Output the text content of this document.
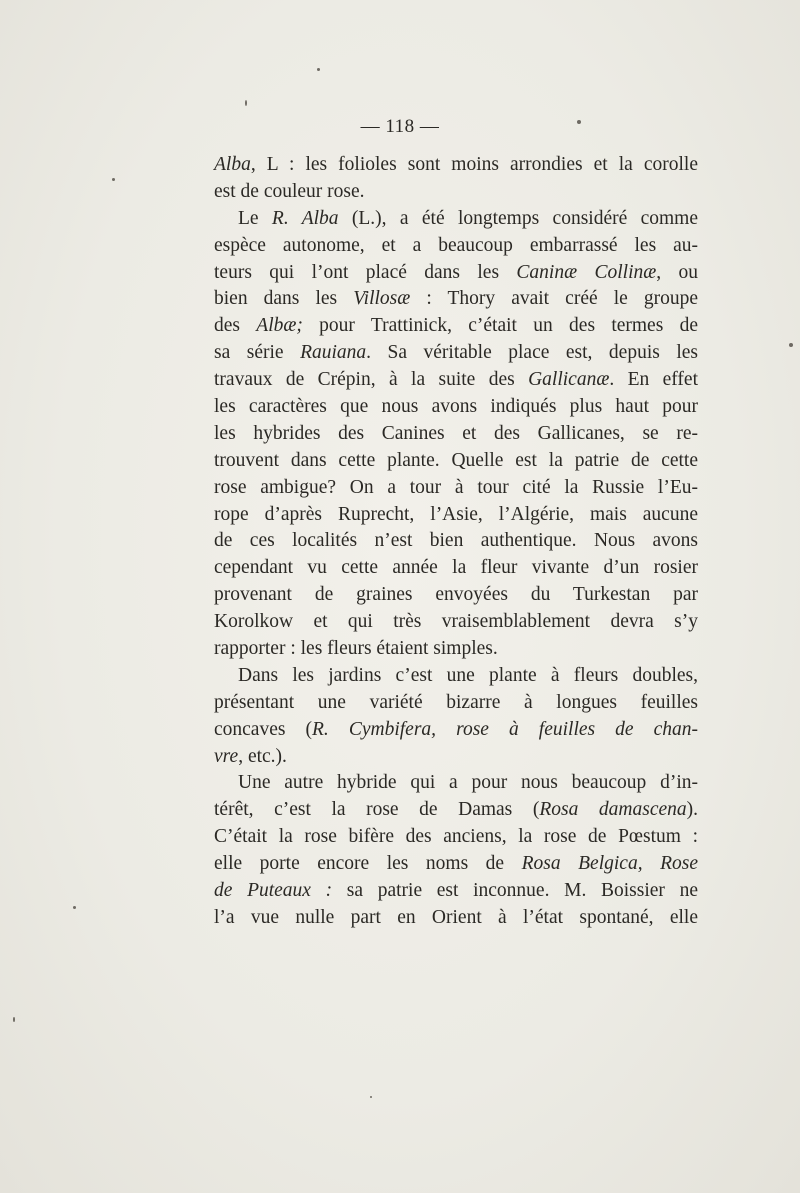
— 118 —
Alba, L : les folioles sont moins arrondies et la corolle
est de couleur rose.
Le R. Alba (L.), a été longtemps considéré comme
espèce autonome, et a beaucoup embarrassé les au-
teurs qui l’ont placé dans les Caninæ Collinæ, ou
bien dans les Villosæ : Thory avait créé le groupe
des Albæ; pour Trattinick, c’était un des termes de
sa série Rauiana. Sa véritable place est, depuis les
travaux de Crépin, à la suite des Gallicanæ. En effet
les caractères que nous avons indiqués plus haut pour
les hybrides des Canines et des Gallicanes, se re-
trouvent dans cette plante. Quelle est la patrie de cette
rose ambigue? On a tour à tour cité la Russie l’Eu-
rope d’après Ruprecht, l’Asie, l’Algérie, mais aucune
de ces localités n’est bien authentique. Nous avons
cependant vu cette année la fleur vivante d’un rosier
provenant de graines envoyées du Turkestan par
Korolkow et qui très vraisemblablement devra s’y
rapporter : les fleurs étaient simples.
Dans les jardins c’est une plante à fleurs doubles,
présentant une variété bizarre à longues feuilles
concaves (R. Cymbifera, rose à feuilles de chan-
vre, etc.).
Une autre hybride qui a pour nous beaucoup d’in-
térêt, c’est la rose de Damas (Rosa damascena).
C’était la rose bifère des anciens, la rose de Pœstum :
elle porte encore les noms de Rosa Belgica, Rose
de Puteaux : sa patrie est inconnue. M. Boissier ne
l’a vue nulle part en Orient à l’état spontané, elle
